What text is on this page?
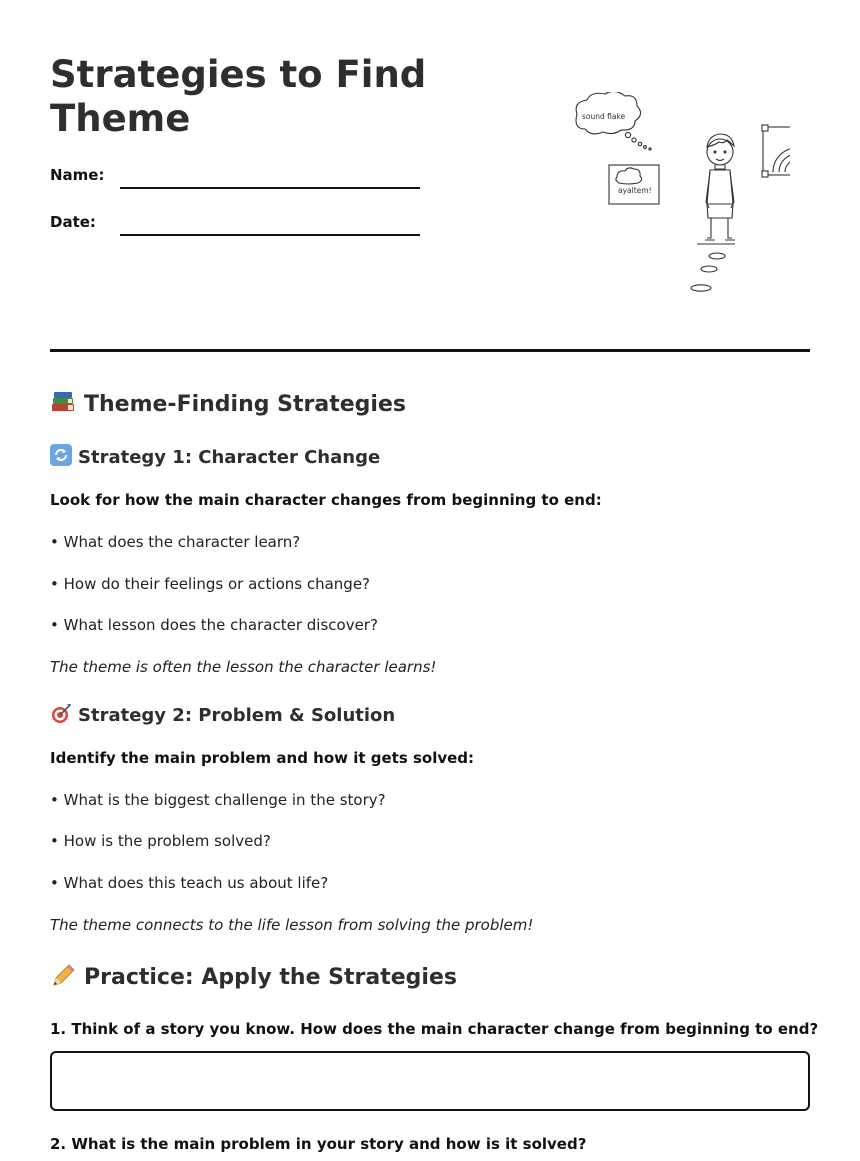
Strategies to Find Theme
Name:
Date:
sound flake
ayaltem!
Theme-Finding Strategies
Strategy 1: Character Change

Look for how the main character changes from beginning to end:

• What does the character learn?

• How do their feelings or actions change?

• What lesson does the character discover?

The theme is often the lesson the character learns!

Strategy 2: Problem & Solution

Identify the main problem and how it gets solved:

• What is the biggest challenge in the story?

• How is the problem solved?

• What does this teach us about life?

The theme connects to the life lesson from solving the problem!

Practice: Apply the Strategies

1. Think of a story you know. How does the main character change from beginning to end?

2. What is the main problem in your story and how is it solved?
